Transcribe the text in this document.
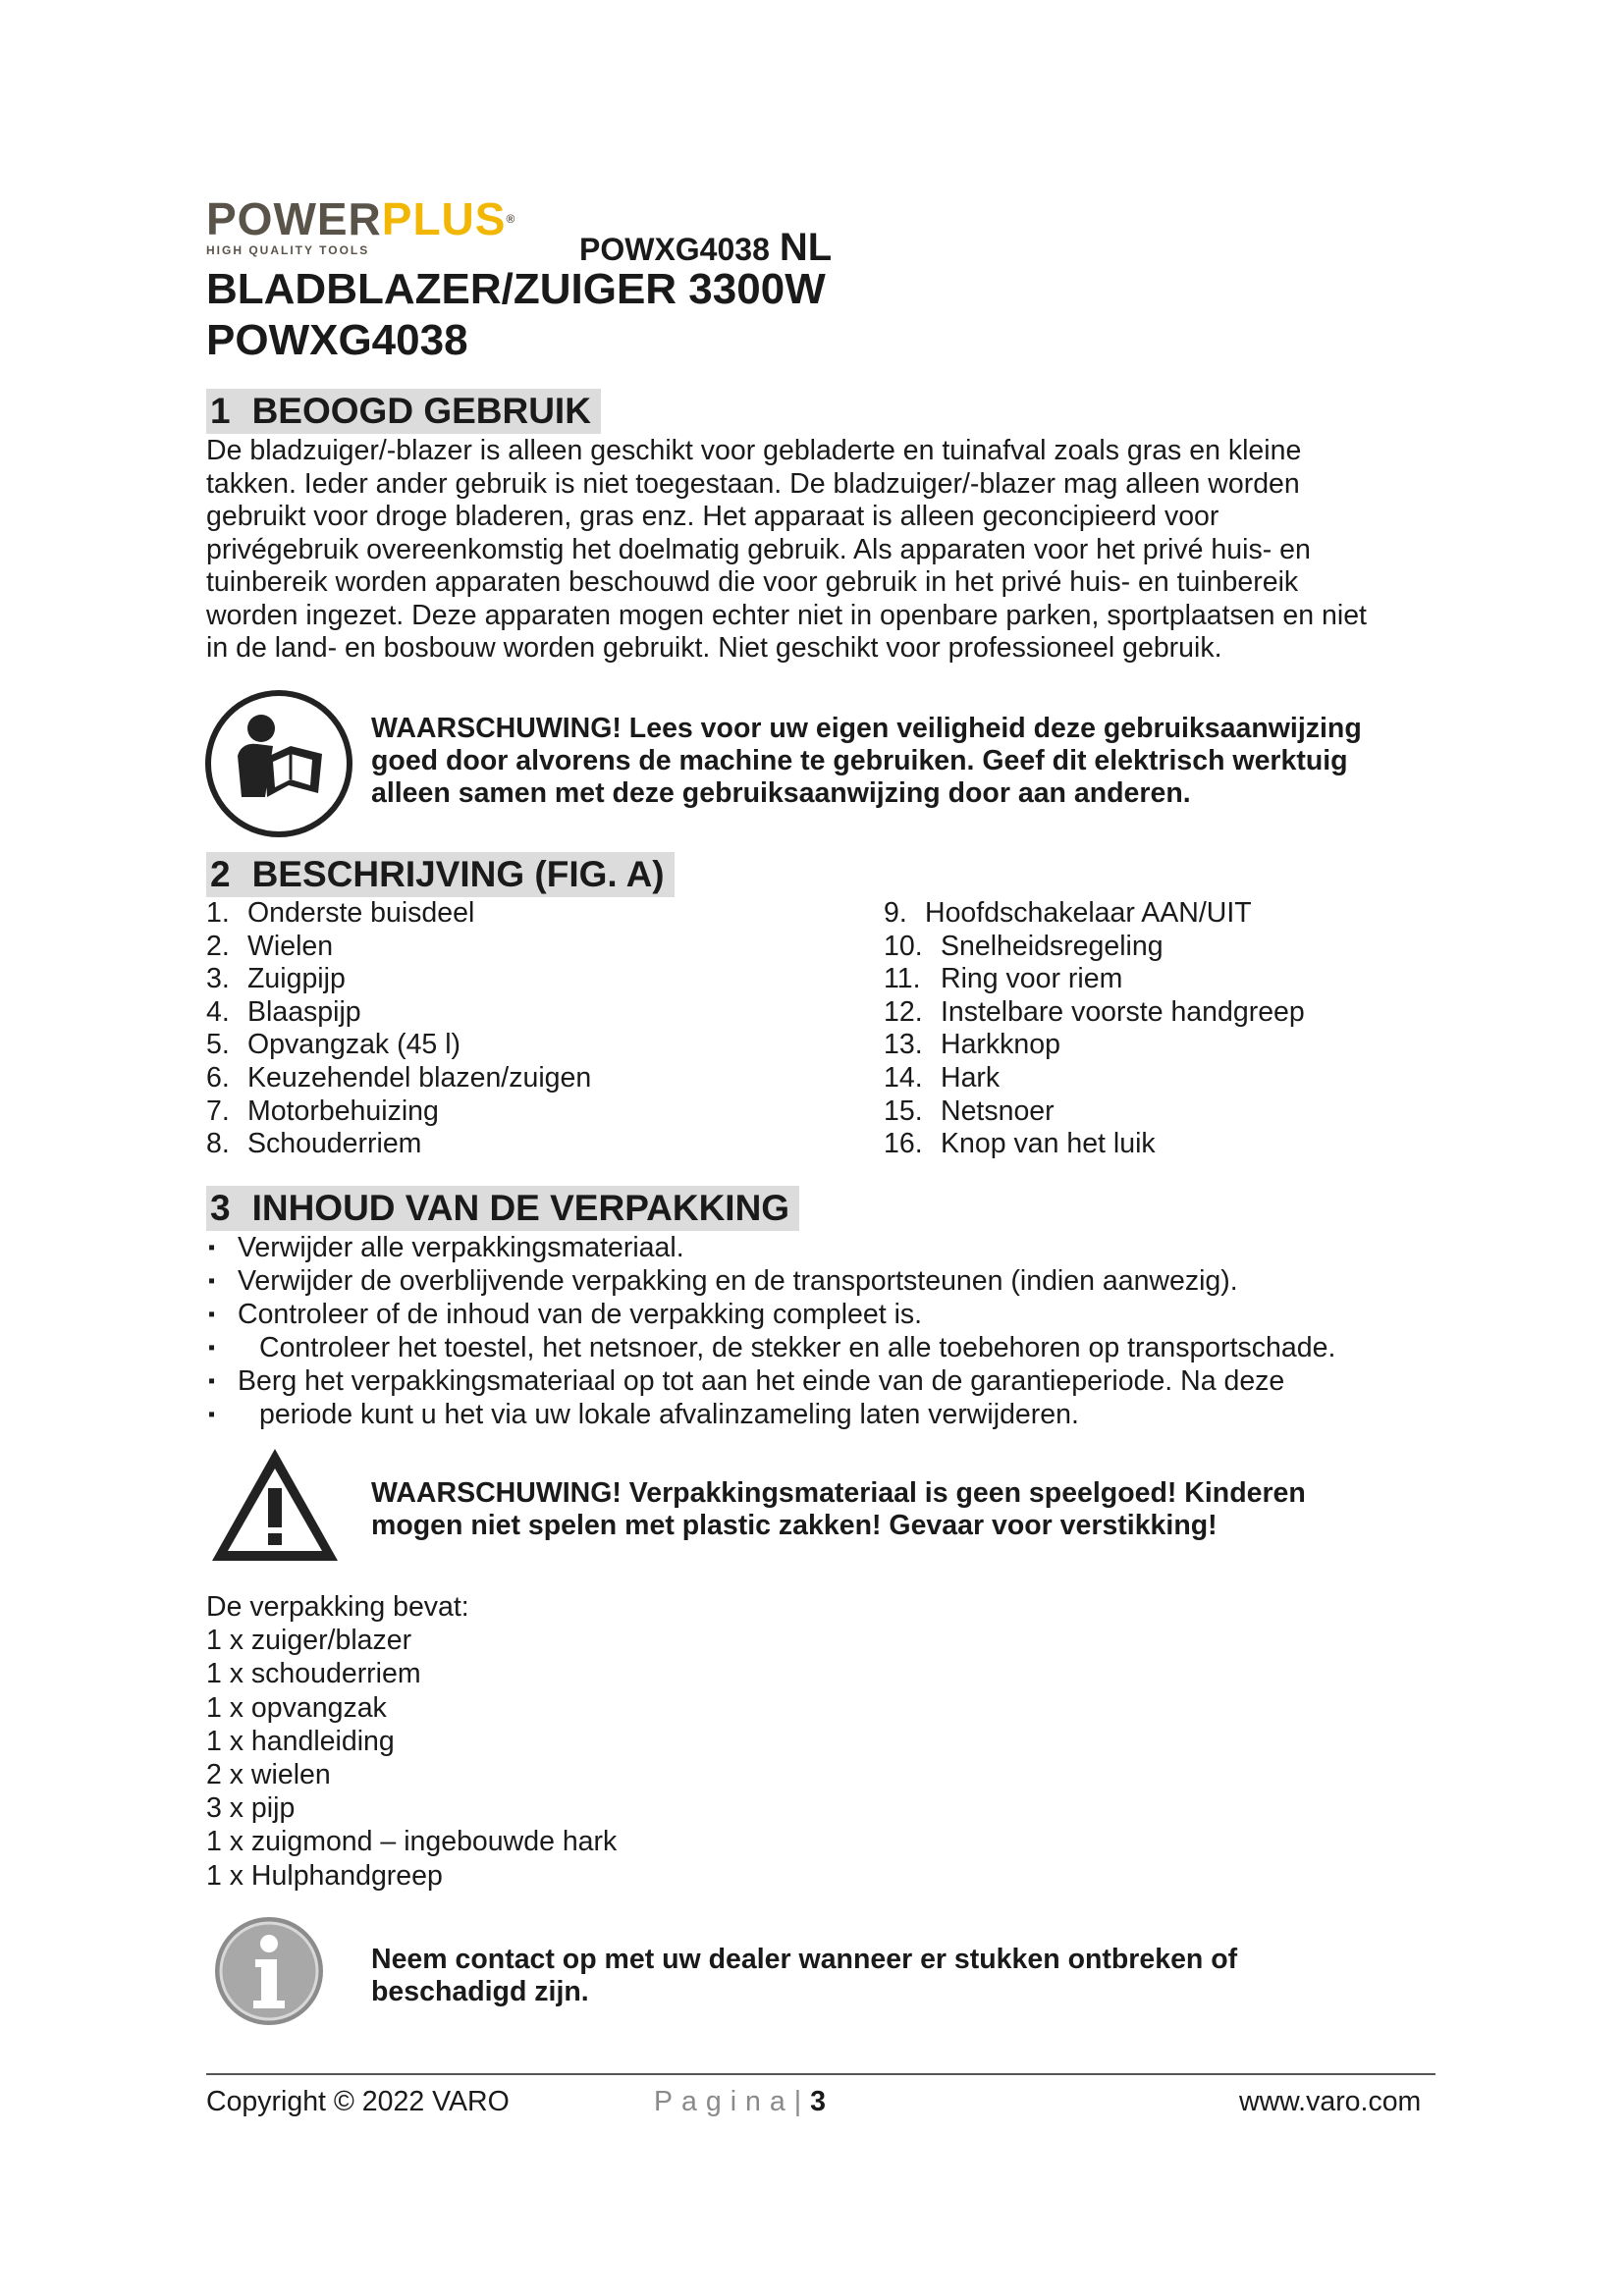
POWERPLUS®
HIGH QUALITY TOOLS	POWXG4038 NL
BLADBLAZER/ZUIGER 3300W
POWXG4038
1 BEOOGD GEBRUIK
De bladzuiger/-blazer is alleen geschikt voor gebladerte en tuinafval zoals gras en kleine
takken. Ieder ander gebruik is niet toegestaan. De bladzuiger/-blazer mag alleen worden
gebruikt voor droge bladeren, gras enz. Het apparaat is alleen geconcipieerd voor
privégebruik overeenkomstig het doelmatig gebruik. Als apparaten voor het privé huis- en
tuinbereik worden apparaten beschouwd die voor gebruik in het privé huis- en tuinbereik
worden ingezet. Deze apparaten mogen echter niet in openbare parken, sportplaatsen en niet
in de land- en bosbouw worden gebruikt. Niet geschikt voor professioneel gebruik.
WAARSCHUWING! Lees voor uw eigen veiligheid deze gebruiksaanwijzing
goed door alvorens de machine te gebruiken. Geef dit elektrisch werktuig
alleen samen met deze gebruiksaanwijzing door aan anderen.
2 BESCHRIJVING (FIG. A)
1. Onderste buisdeel
2. Wielen
3. Zuigpijp
4. Blaaspijp
5. Opvangzak (45 l)
6. Keuzehendel blazen/zuigen
7. Motorbehuizing
8. Schouderriem
9. Hoofdschakelaar AAN/UIT
10. Snelheidsregeling
11. Ring voor riem
12. Instelbare voorste handgreep
13. Harkknop
14. Hark
15. Netsnoer
16. Knop van het luik
3 INHOUD VAN DE VERPAKKING
▪ Verwijder alle verpakkingsmateriaal.
▪ Verwijder de overblijvende verpakking en de transportsteunen (indien aanwezig).
▪ Controleer of de inhoud van de verpakking compleet is.
▪ Controleer het toestel, het netsnoer, de stekker en alle toebehoren op transportschade.
▪ Berg het verpakkingsmateriaal op tot aan het einde van de garantieperiode. Na deze
▪ periode kunt u het via uw lokale afvalinzameling laten verwijderen.
WAARSCHUWING! Verpakkingsmateriaal is geen speelgoed! Kinderen
mogen niet spelen met plastic zakken! Gevaar voor verstikking!
De verpakking bevat:
1 x zuiger/blazer
1 x schouderriem
1 x opvangzak
1 x handleiding
2 x wielen
3 x pijp
1 x zuigmond – ingebouwde hark
1 x Hulphandgreep
Neem contact op met uw dealer wanneer er stukken ontbreken of
beschadigd zijn.
Copyright © 2022 VARO	Pagina|3	www.varo.com
